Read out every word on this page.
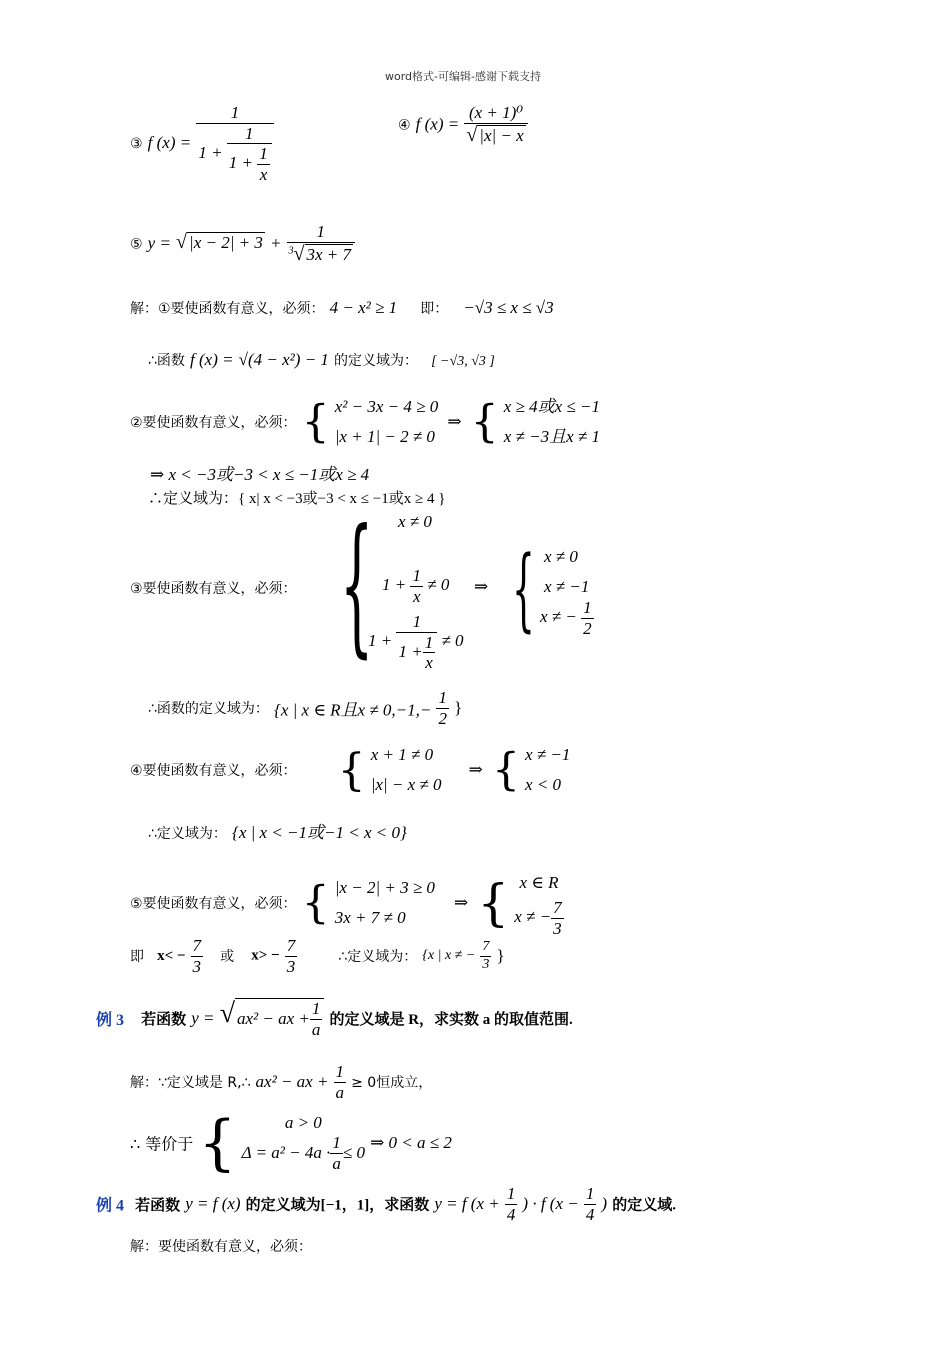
word格式-可编辑-感谢下载支持
③ f (x) =
1
$1 + \frac{1}{1 + \frac{1}{x}}$	④ f $(x) = \frac{\text{(x + 1)⁰}}{√ |x| - x}$
⑤ y = √ $|x - 2| + 3 + \frac{1}{^3√ 3x + 7}$
解：①要使函数有意义，必须： 4 − x² ≥ 1 即： −√3 ≤ x ≤ √3
∴函数 f (x) = √(4 − x²) − 1 的定义域为： [ −√3, √3 ]
②要使函数有意义，必须： { x² − 3x − 4 ≥ 0
|x + 1| − 2 ≠ 0
⇒ { x ≥ 4或x ≤ −1
x ≠ −3且x ≠ 1
⇒ x < −3或−3 < x ≤ −1或x ≥ 4
∴定义域为：{ x| x < −3或−3 < x ≤ −1或x ≥ 4 }
③要使函数有意义，必须： { x ≠ 0
$1 + \frac{1}{x} \ne 0$
$1 + \frac{1}{1 + \frac{1}{x}} \ne 0$
⇒ { x ≠ 0
x ≠ −1
x ≠ − $\frac{1}{2}$
∴函数的定义域为： {x | x ∈ R且$x \ne 0,-1,- \frac{1}{2}$ }
④要使函数有意义，必须： { x + 1 ≠ 0
|x| − x ≠ 0
⇒ { x ≠ −1
x < 0
∴定义域为： {x | x < −1或−1 < x < 0}
⑤要使函数有意义，必须： { |x − 2| + 3 ≥ 0
3x + 7 ≠ 0
⇒ { x ∈ R
x ≠ − $\frac{7}{3}$
即 $x< - \frac{7}{3}$ 或 $x> - \frac{7}{3}$	∴定义域为： {x | x ≠ − $\frac{7}{3}$ }
例 3 若函数 y = √ ax² − ax + $\frac{1}{a}$ 的定义域是 R，求实数 a 的取值范围.
解：∵定义域是 R,∴ ax² − ax + $\frac{1}{a} \ge 0$恒成立，
∴ 等价于 {	a > 0
$\Delta = a^2 - 4a \cdot \frac{1}{a} \le 0$
⇒ 0 < a ≤ 2
例 4 若函数 y = f (x) 的定义域为[−1，1]，求函数 y = f ($x + \frac{1}{4}$ ) · f ($x - \frac{1}{4}$ ) 的定义域.
解：要使函数有意义，必须：
